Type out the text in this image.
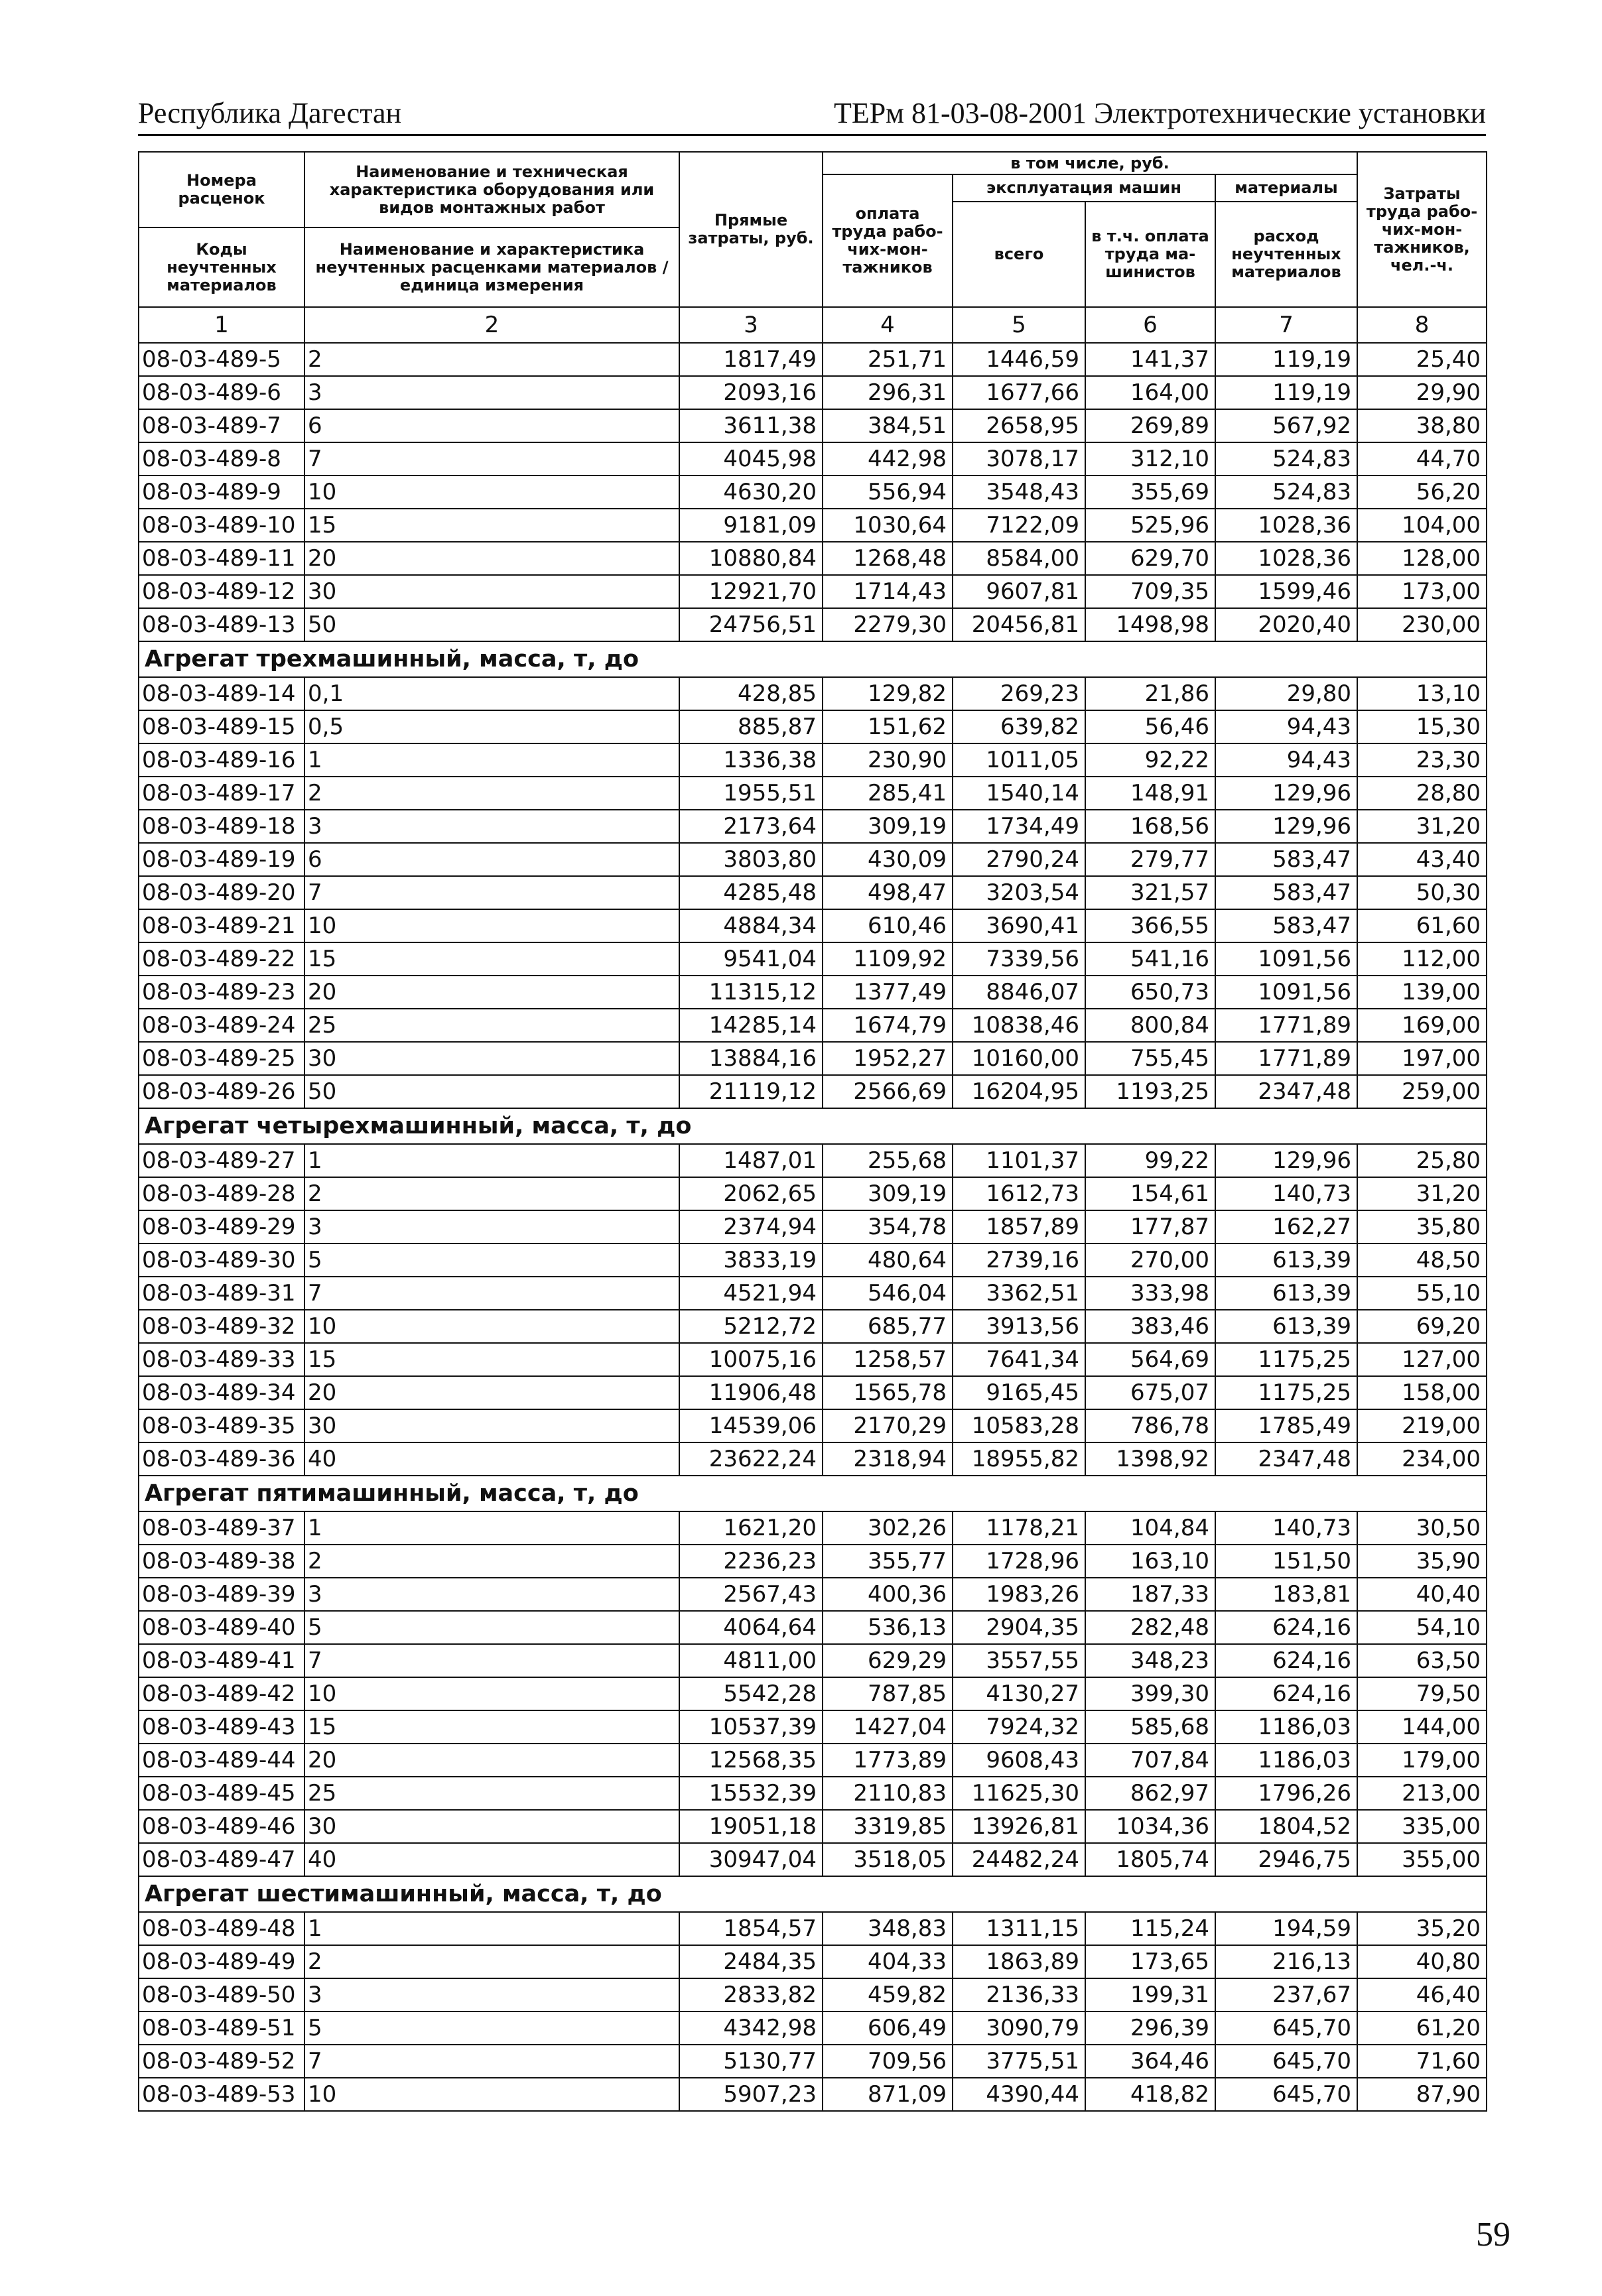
Республика Дагестан	ТЕРм 81-03-08-2001 Электротехнические установки
Номера расценок	Наименование и техническая характеристика оборудования или видов монтажных работ	Прямые затраты, руб.	в том числе, руб.				Затраты труда рабо-чих-мон-тажников, чел.-ч.
			оплата труда рабо-чих-мон-тажников	эксплуатация машин		материалы	
				всего	в т.ч. оплата труда ма-шинистов	расход неучтенных материалов	
Коды неучтенных материалов	Наименование и характеристика неучтенных расценками материалов / единица измерения						

1	2	3	4	5	6	7	8
08-03-489-5	2	1817,49	251,71	1446,59	141,37	119,19	25,40
08-03-489-6	3	2093,16	296,31	1677,66	164,00	119,19	29,90
08-03-489-7	6	3611,38	384,51	2658,95	269,89	567,92	38,80
08-03-489-8	7	4045,98	442,98	3078,17	312,10	524,83	44,70
08-03-489-9	10	4630,20	556,94	3548,43	355,69	524,83	56,20
08-03-489-10	15	9181,09	1030,64	7122,09	525,96	1028,36	104,00
08-03-489-11	20	10880,84	1268,48	8584,00	629,70	1028,36	128,00
08-03-489-12	30	12921,70	1714,43	9607,81	709,35	1599,46	173,00
08-03-489-13	50	24756,51	2279,30	20456,81	1498,98	2020,40	230,00
Агрегат трехмашинный, масса, т, до							
08-03-489-14	0,1	428,85	129,82	269,23	21,86	29,80	13,10
08-03-489-15	0,5	885,87	151,62	639,82	56,46	94,43	15,30
08-03-489-16	1	1336,38	230,90	1011,05	92,22	94,43	23,30
08-03-489-17	2	1955,51	285,41	1540,14	148,91	129,96	28,80
08-03-489-18	3	2173,64	309,19	1734,49	168,56	129,96	31,20
08-03-489-19	6	3803,80	430,09	2790,24	279,77	583,47	43,40
08-03-489-20	7	4285,48	498,47	3203,54	321,57	583,47	50,30
08-03-489-21	10	4884,34	610,46	3690,41	366,55	583,47	61,60
08-03-489-22	15	9541,04	1109,92	7339,56	541,16	1091,56	112,00
08-03-489-23	20	11315,12	1377,49	8846,07	650,73	1091,56	139,00
08-03-489-24	25	14285,14	1674,79	10838,46	800,84	1771,89	169,00
08-03-489-25	30	13884,16	1952,27	10160,00	755,45	1771,89	197,00
08-03-489-26	50	21119,12	2566,69	16204,95	1193,25	2347,48	259,00
Агрегат четырехмашинный, масса, т, до							
08-03-489-27	1	1487,01	255,68	1101,37	99,22	129,96	25,80
08-03-489-28	2	2062,65	309,19	1612,73	154,61	140,73	31,20
08-03-489-29	3	2374,94	354,78	1857,89	177,87	162,27	35,80
08-03-489-30	5	3833,19	480,64	2739,16	270,00	613,39	48,50
08-03-489-31	7	4521,94	546,04	3362,51	333,98	613,39	55,10
08-03-489-32	10	5212,72	685,77	3913,56	383,46	613,39	69,20
08-03-489-33	15	10075,16	1258,57	7641,34	564,69	1175,25	127,00
08-03-489-34	20	11906,48	1565,78	9165,45	675,07	1175,25	158,00
08-03-489-35	30	14539,06	2170,29	10583,28	786,78	1785,49	219,00
08-03-489-36	40	23622,24	2318,94	18955,82	1398,92	2347,48	234,00
Агрегат пятимашинный, масса, т, до							
08-03-489-37	1	1621,20	302,26	1178,21	104,84	140,73	30,50
08-03-489-38	2	2236,23	355,77	1728,96	163,10	151,50	35,90
08-03-489-39	3	2567,43	400,36	1983,26	187,33	183,81	40,40
08-03-489-40	5	4064,64	536,13	2904,35	282,48	624,16	54,10
08-03-489-41	7	4811,00	629,29	3557,55	348,23	624,16	63,50
08-03-489-42	10	5542,28	787,85	4130,27	399,30	624,16	79,50
08-03-489-43	15	10537,39	1427,04	7924,32	585,68	1186,03	144,00
08-03-489-44	20	12568,35	1773,89	9608,43	707,84	1186,03	179,00
08-03-489-45	25	15532,39	2110,83	11625,30	862,97	1796,26	213,00
08-03-489-46	30	19051,18	3319,85	13926,81	1034,36	1804,52	335,00
08-03-489-47	40	30947,04	3518,05	24482,24	1805,74	2946,75	355,00
Агрегат шестимашинный, масса, т, до							
08-03-489-48	1	1854,57	348,83	1311,15	115,24	194,59	35,20
08-03-489-49	2	2484,35	404,33	1863,89	173,65	216,13	40,80
08-03-489-50	3	2833,82	459,82	2136,33	199,31	237,67	46,40
08-03-489-51	5	4342,98	606,49	3090,79	296,39	645,70	61,20
08-03-489-52	7	5130,77	709,56	3775,51	364,46	645,70	71,60
08-03-489-53	10	5907,23	871,09	4390,44	418,82	645,70	87,90
59
